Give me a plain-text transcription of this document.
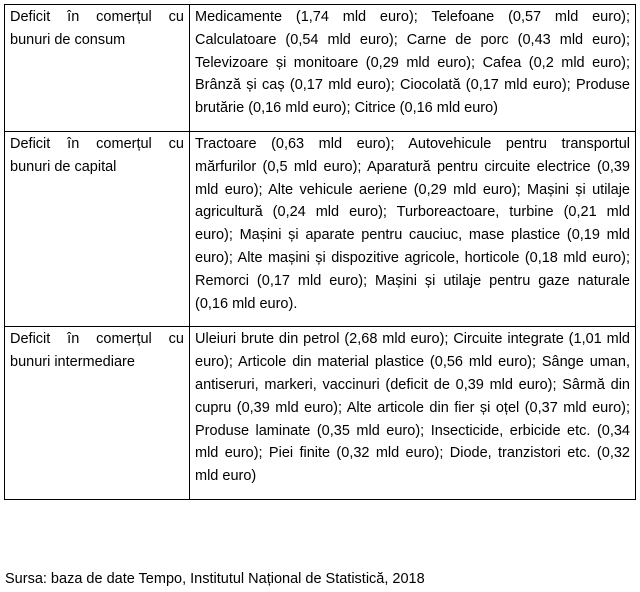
Deficit în comerțul cu bunuri de consum	Medicamente (1,74 mld euro); Telefoane (0,57 mld euro); Calculatoare (0,54 mld euro); Carne de porc (0,43 mld euro); Televizoare și monitoare (0,29 mld euro); Cafea (0,2 mld euro); Brânză și caș (0,17 mld euro); Ciocolată (0,17 mld euro); Produse brutărie (0,16 mld euro); Citrice (0,16 mld euro)
Deficit în comerțul cu bunuri de capital	Tractoare (0,63 mld euro); Autovehicule pentru transportul mărfurilor (0,5 mld euro); Aparatură pentru circuite electrice (0,39 mld euro); Alte vehicule aeriene (0,29 mld euro); Mașini și utilaje agricultură (0,24 mld euro); Turboreactoare, turbine (0,21 mld euro); Mașini și aparate pentru cauciuc, mase plastice (0,19 mld euro); Alte mașini și dispozitive agricole, horticole (0,18 mld euro); Remorci (0,17 mld euro); Mașini și utilaje pentru gaze naturale (0,16 mld euro).
Deficit în comerțul cu bunuri intermediare	Uleiuri brute din petrol (2,68 mld euro); Circuite integrate (1,01 mld euro); Articole din material plastice (0,56 mld euro); Sânge uman, antiseruri, markeri, vaccinuri (deficit de 0,39 mld euro); Sârmă din cupru (0,39 mld euro); Alte articole din fier și oțel (0,37 mld euro); Produse laminate (0,35 mld euro); Insecticide, erbicide etc. (0,34 mld euro); Piei finite (0,32 mld euro); Diode, tranzistori etc. (0,32 mld euro)
Sursa: baza de date Tempo, Institutul Național de Statistică, 2018
